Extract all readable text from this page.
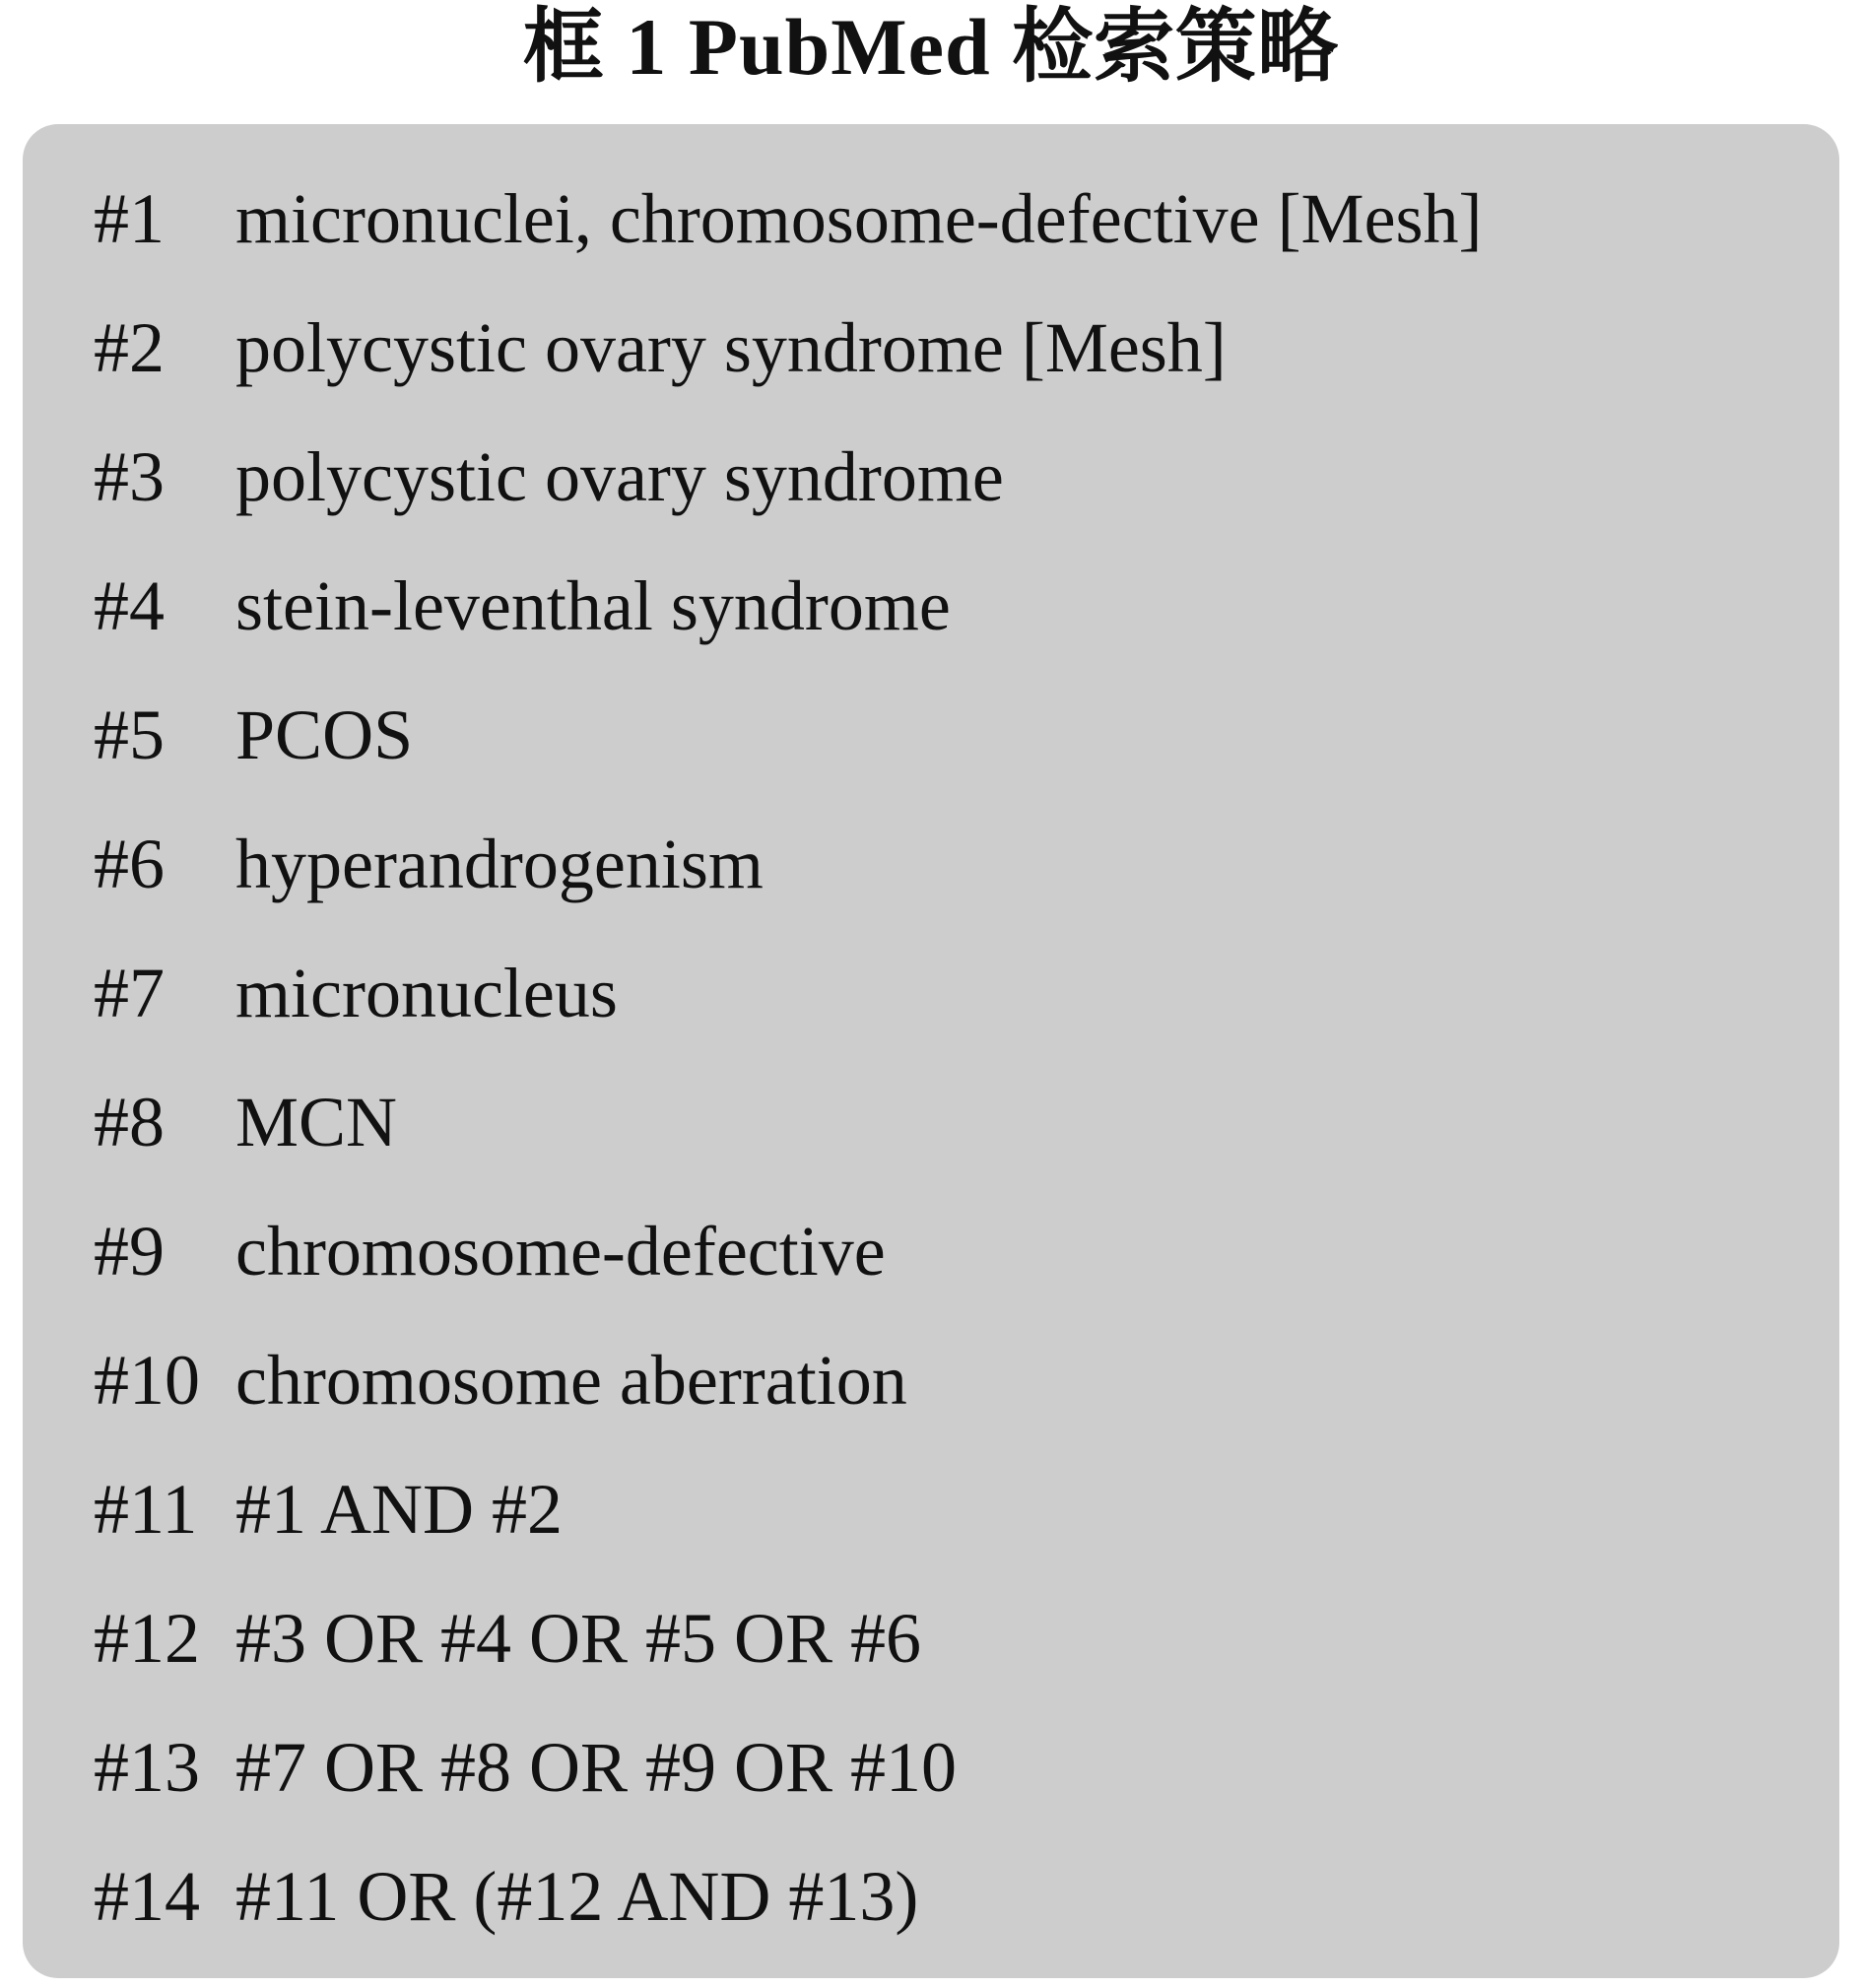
框 1 PubMed 检索策略
#1	micronuclei, chromosome-defective [Mesh]
#2	polycystic ovary syndrome [Mesh]
#3	polycystic ovary syndrome
#4	stein-leventhal syndrome
#5	PCOS
#6	hyperandrogenism
#7	micronucleus
#8	MCN
#9	chromosome-defective
#10 chromosome aberration
#11 #1 AND #2
#12 #3 OR #4 OR #5 OR #6
#13 #7 OR #8 OR #9 OR #10
#14 #11 OR (#12 AND #13)
